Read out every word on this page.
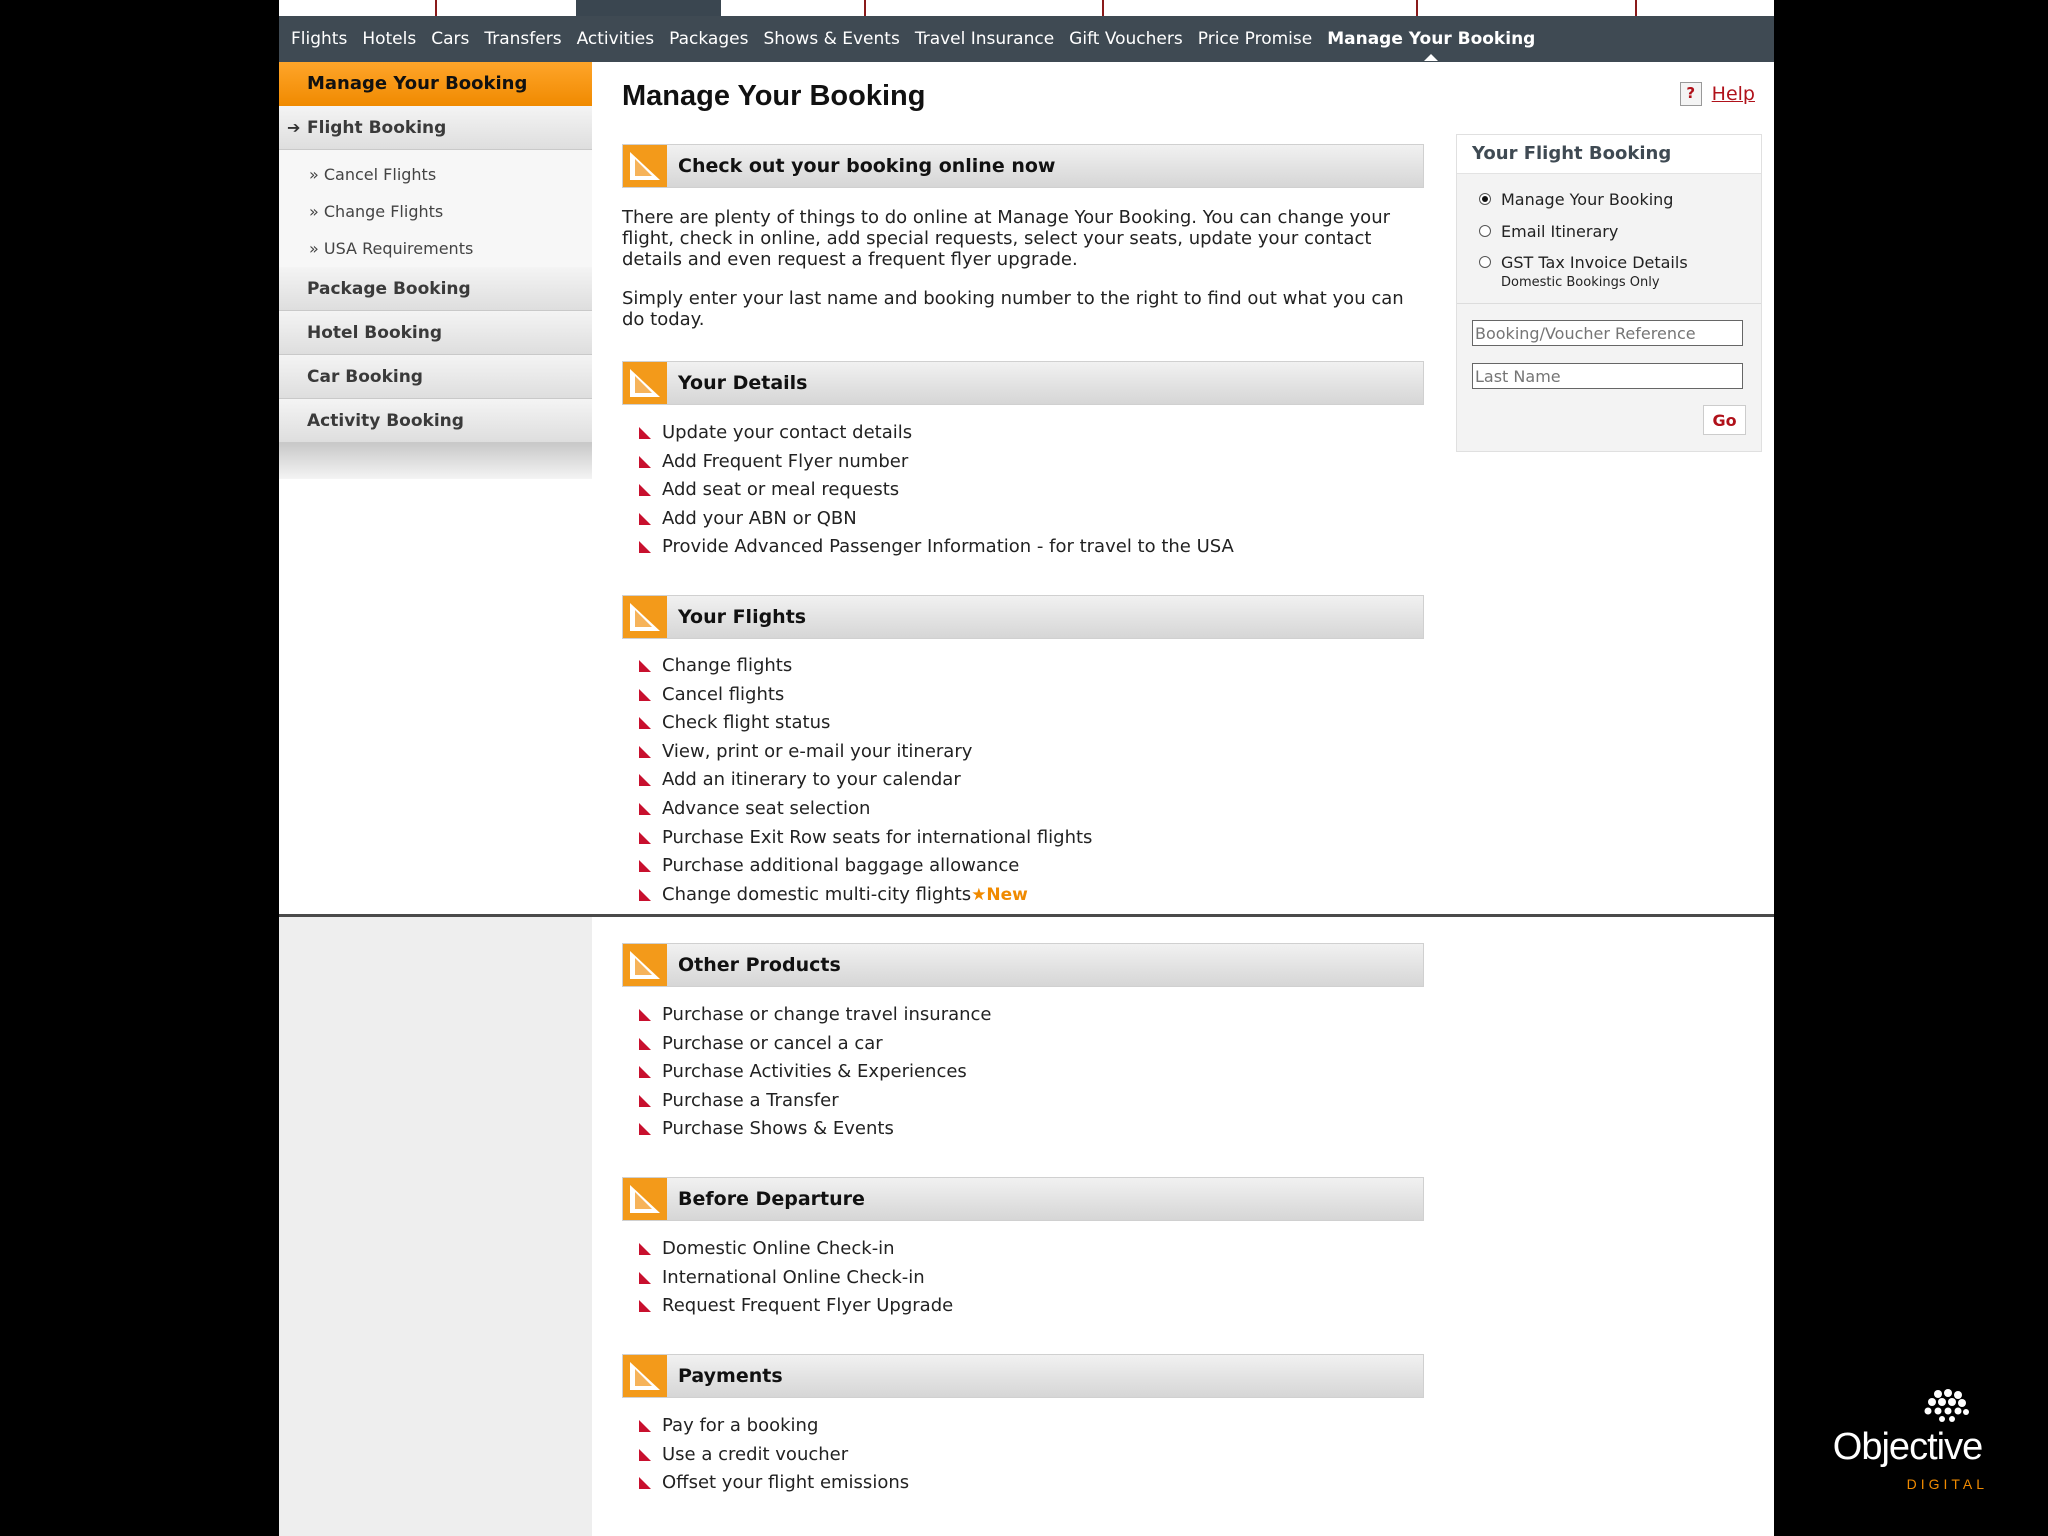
Flights Hotels Cars Transfers Activities Packages Shows & Events Travel Insurance Gift Vouchers Price Promise Manage Your Booking
Manage Your Booking
➔ Flight Booking
» Cancel Flights
» Change Flights
» USA Requirements
Package Booking
Hotel Booking
Car Booking
Activity Booking
Manage Your Booking	? Help
Check out your booking online now

There are plenty of things to do online at Manage Your Booking. You can change your flight, check in online, add special requests, select your seats, update your contact details and even request a frequent flyer upgrade.

Simply enter your last name and booking number to the right to find out what you can do today.

Your Details
Update your contact details
Add Frequent Flyer number
Add seat or meal requests
Add your ABN or QBN
Provide Advanced Passenger Information - for travel to the USA
Your Flights
Change flights
Cancel flights
Check flight status
View, print or e-mail your itinerary
Add an itinerary to your calendar
Advance seat selection
Purchase Exit Row seats for international flights
Purchase additional baggage allowance
Change domestic multi-city flights★New
Other Products
Purchase or change travel insurance
Purchase or cancel a car
Purchase Activities & Experiences
Purchase a Transfer
Purchase Shows & Events
Before Departure
Domestic Online Check-in
International Online Check-in
Request Frequent Flyer Upgrade
Payments
Pay for a booking
Use a credit voucher
Offset your flight emissions
Your Flight Booking
Manage Your Booking
Email Itinerary
GST Tax Invoice Details
Domestic Bookings Only
Booking/Voucher Reference
Last Name
Go
Objective
DIGITAL
